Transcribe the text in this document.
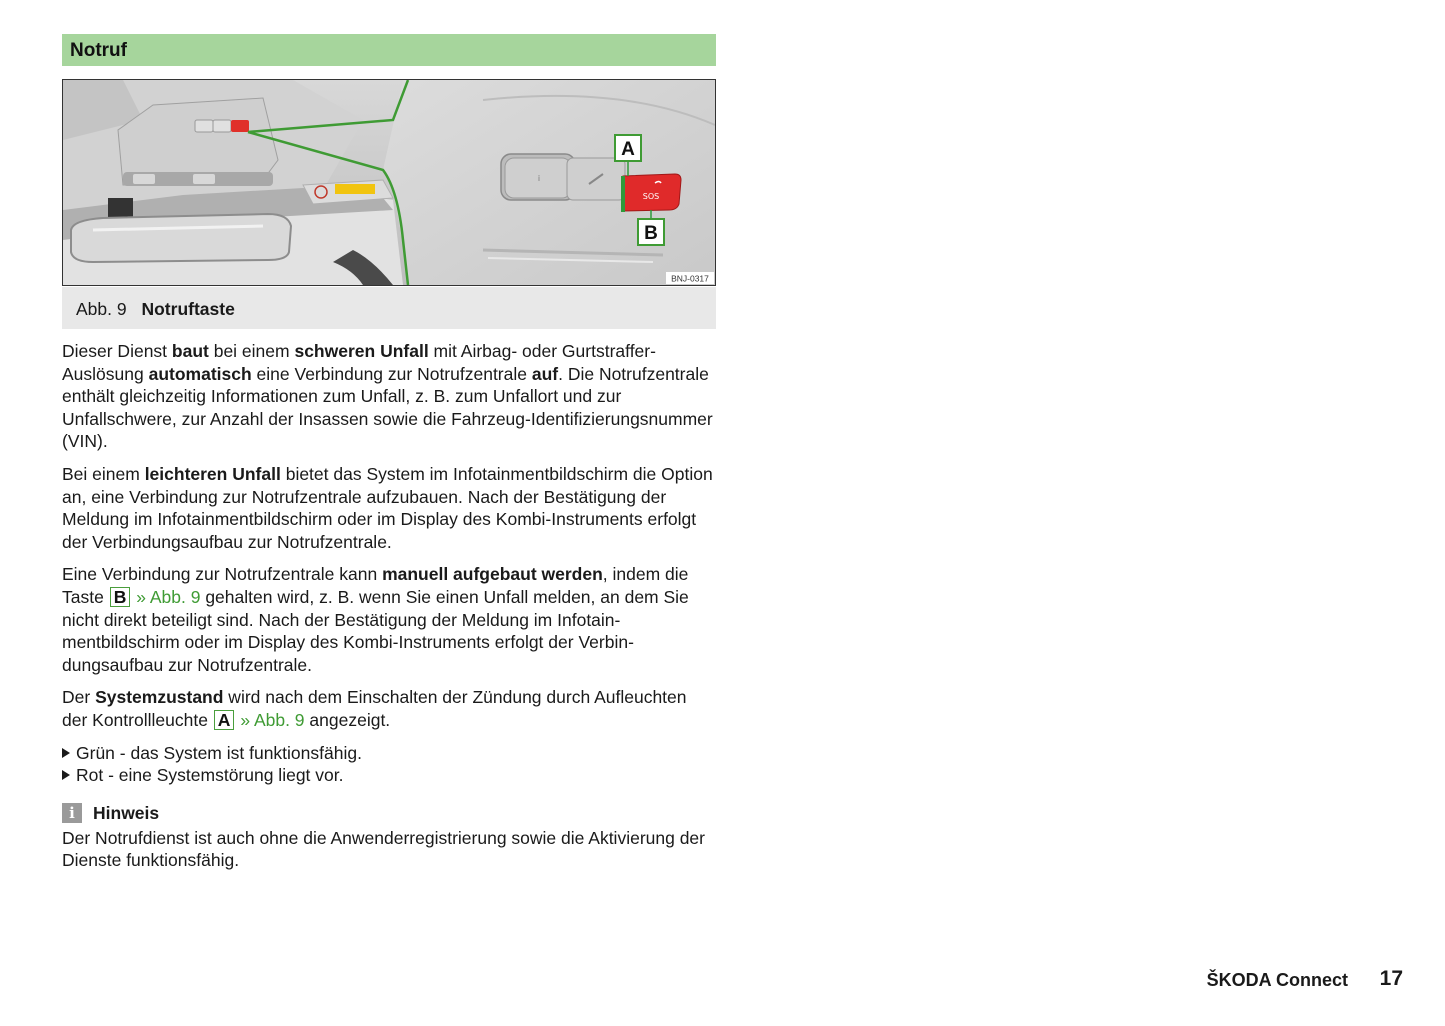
Notruf
i
SOS
A
B
BNJ-0317
Abb. 9 Notruftaste

Dieser Dienst baut bei einem schweren Unfall mit Airbag- oder Gurtstraffer-Auslösung automatisch eine Verbindung zur Notrufzentrale auf. Die Notrufzentrale enthält gleichzeitig Informationen zum Unfall, z. B. zum Unfallort und zur Unfallschwere, zur Anzahl der Insassen sowie die Fahrzeug-Identifizierungsnummer (VIN).

Bei einem leichteren Unfall bietet das System im Infotainmentbildschirm die Option an, eine Verbindung zur Notrufzentrale aufzubauen. Nach der Bestätigung der Meldung im Infotainmentbildschirm oder im Display des Kombi-Instruments erfolgt der Verbindungsaufbau zur Notrufzentrale.

Eine Verbindung zur Notrufzentrale kann manuell aufgebaut werden, indem die Taste B » Abb. 9 gehalten wird, z. B. wenn Sie einen Unfall melden, an dem Sie nicht direkt beteiligt sind. Nach der Bestätigung der Meldung im Infotainmentbildschirm oder im Display des Kombi-Instruments erfolgt der Verbindungsaufbau zur Notrufzentrale.

Der Systemzustand wird nach dem Einschalten der Zündung durch Aufleuchten der Kontrollleuchte A » Abb. 9 angezeigt.

Grün - das System ist funktionsfähig.
Rot - eine Systemstörung liegt vor.
i	Hinweis
Der Notrufdienst ist auch ohne die Anwenderregistrierung sowie die Aktivierung der Dienste funktionsfähig.
ŠKODA Connect 17
